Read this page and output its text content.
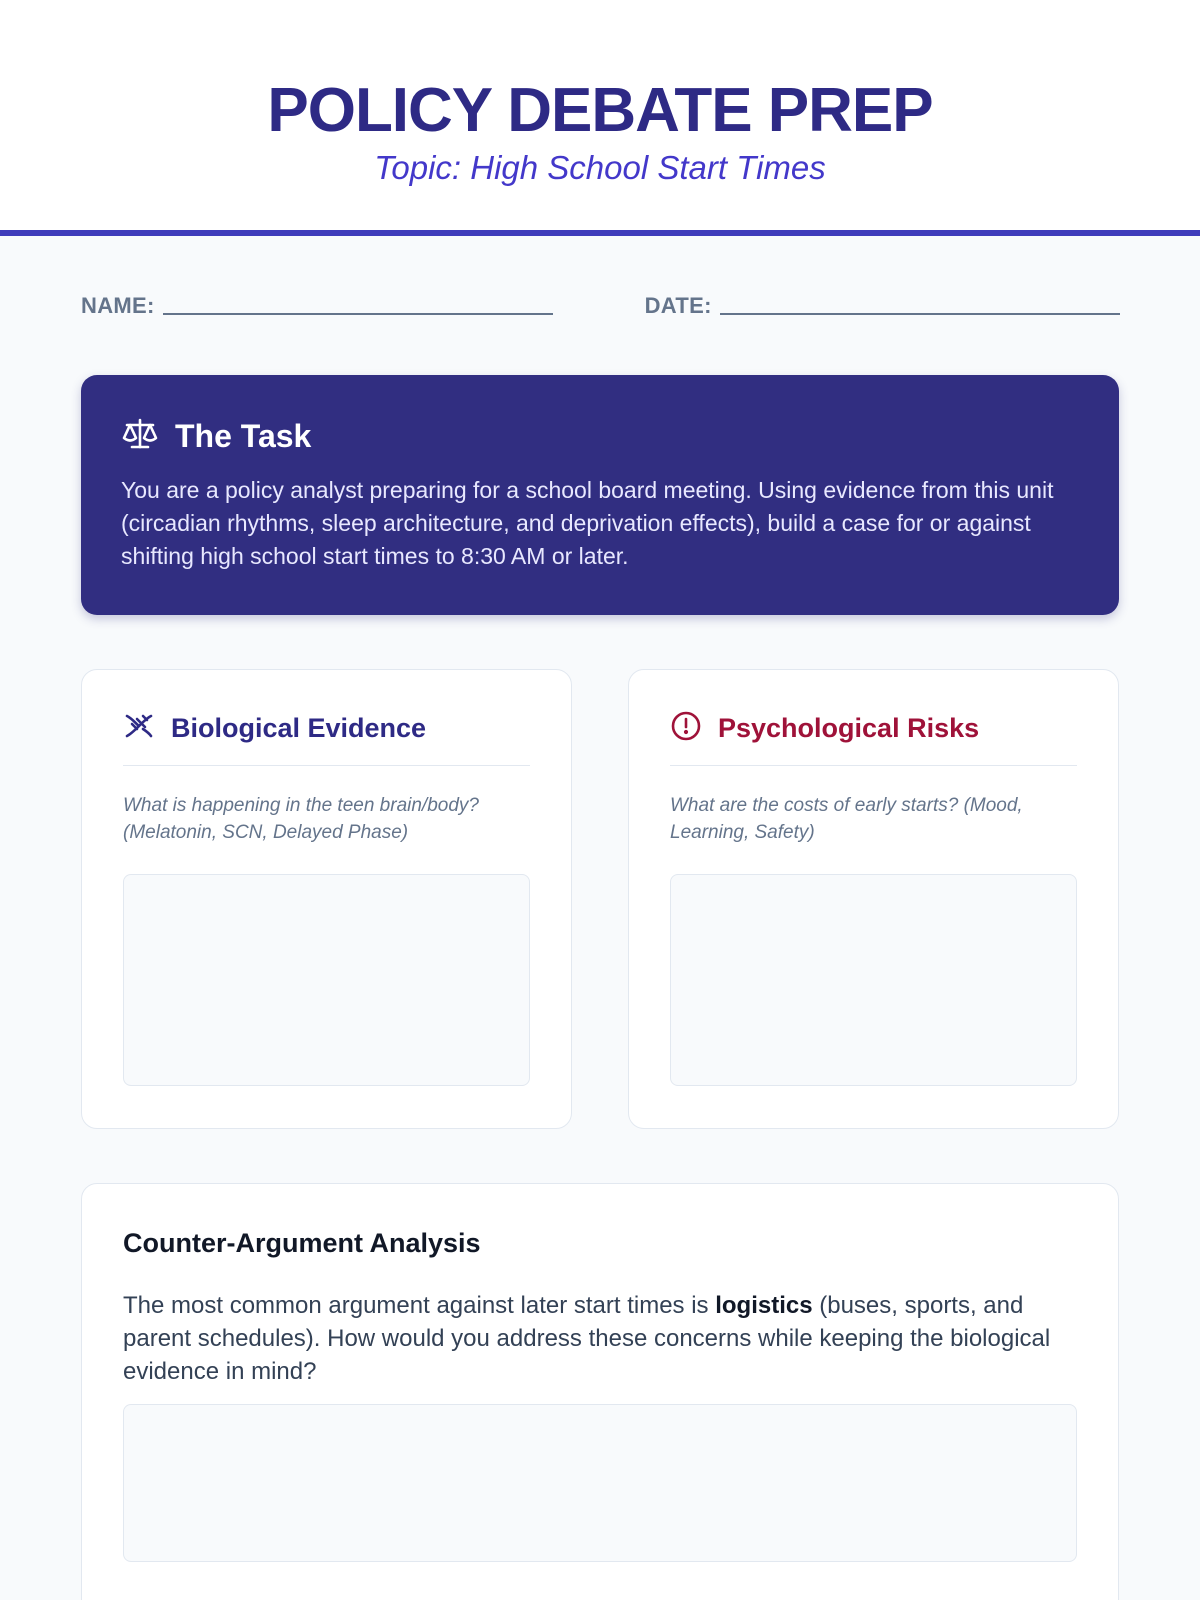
POLICY DEBATE PREP
Topic: High School Start Times
NAME:	DATE:
The Task

You are a policy analyst preparing for a school board meeting. Using evidence from this unit (circadian rhythms, sleep architecture, and deprivation effects), build a case for or against shifting high school start times to 8:30 AM or later.

Biological Evidence

What is happening in the teen brain/body? (Melatonin, SCN, Delayed Phase)

Psychological Risks

What are the costs of early starts? (Mood, Learning, Safety)

Counter-Argument Analysis

The most common argument against later start times is logistics (buses, sports, and parent schedules). How would you address these concerns while keeping the biological evidence in mind?
